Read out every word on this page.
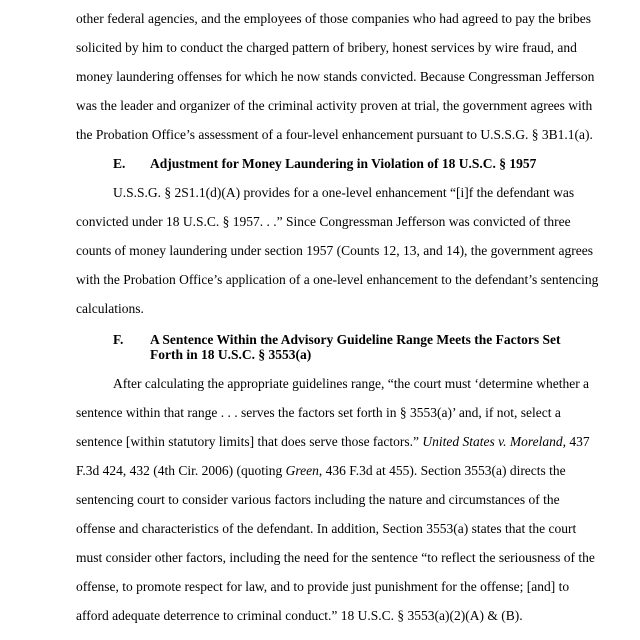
other federal agencies, and the employees of those companies who had agreed to pay the bribes
solicited by him to conduct the charged pattern of bribery, honest services by wire fraud, and
money laundering offenses for which he now stands convicted. Because Congressman Jefferson
was the leader and organizer of the criminal activity proven at trial, the government agrees with
the Probation Office’s assessment of a four-level enhancement pursuant to U.S.S.G. § 3B1.1(a).
E. Adjustment for Money Laundering in Violation of 18 U.S.C. § 1957
U.S.S.G. § 2S1.1(d)(A) provides for a one-level enhancement “[i]f the defendant was
convicted under 18 U.S.C. § 1957. . .” Since Congressman Jefferson was convicted of three
counts of money laundering under section 1957 (Counts 12, 13, and 14), the government agrees
with the Probation Office’s application of a one-level enhancement to the defendant’s sentencing
calculations.
F. A Sentence Within the Advisory Guideline Range Meets the Factors Set
Forth in 18 U.S.C. § 3553(a)
After calculating the appropriate guidelines range, “the court must ‘determine whether a
sentence within that range . . . serves the factors set forth in § 3553(a)’ and, if not, select a
sentence [within statutory limits] that does serve those factors.” United States v. Moreland, 437
F.3d 424, 432 (4th Cir. 2006) (quoting Green, 436 F.3d at 455). Section 3553(a) directs the
sentencing court to consider various factors including the nature and circumstances of the
offense and characteristics of the defendant. In addition, Section 3553(a) states that the court
must consider other factors, including the need for the sentence “to reflect the seriousness of the
offense, to promote respect for law, and to provide just punishment for the offense; [and] to
afford adequate deterrence to criminal conduct.” 18 U.S.C. § 3553(a)(2)(A) & (B).
